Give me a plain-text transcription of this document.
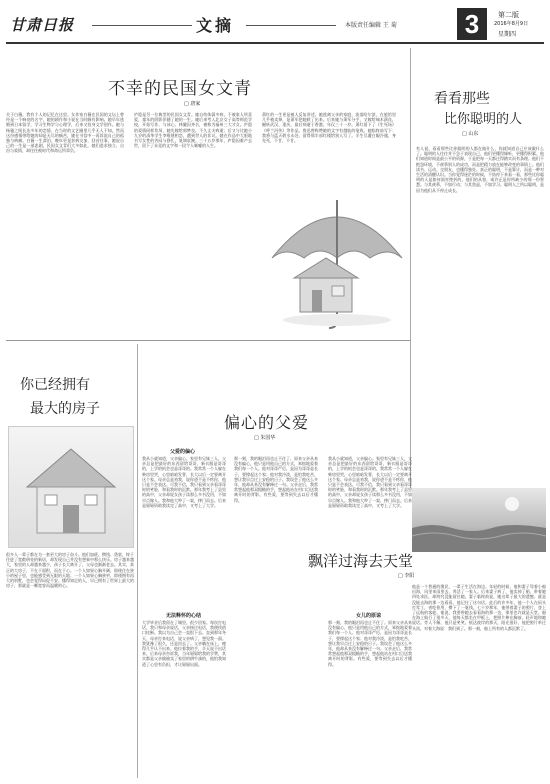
甘肃日报	文摘	本版责任编辑 王 菊	3	第二版
2016年8月9日
星期四
不幸的民国女文青
□ 唐家
关于白薇，我有个人的记忆在这里。女作家白薇在民国的文坛上曾经是一个响亮的名字，她的剧作和小说在当时颇有影响。她早年逃婚到日本留学，学习生物学与心理学，后来又投身文学创作。她与杨骚之间长达多年的恋情，在当时的文艺圈里几乎无人不知。然而这份感情带给她的却是无尽的痛苦，她在书信中一再诉说自己的孤独与病痛。白薇一生漂泊，晚年更是贫病交加，回首往事，她说自己的一生是一部悲剧。民国女文青们大多如此，她们追求独立、自由与爱情，却往往被时代和命运所辜负。
庐隐是另一位典型的民国女文青。她自幼体弱多病，不被家人所喜爱，童年的阴影伴随了她的一生。她后来考入北京女子高等师范学校，开始写作，与冰心、林徽因齐名，被称为福州三大才女。庐隐的爱情同样坎坷，她先嫁给郭梦良，不久丈夫病逝；后又与比她小九岁的清华学生李唯建相恋，遭到世人的非议。她在作品中大胆地书写女性的苦闷与挣扎，笔调哀婉。三十五岁那年，庐隐因难产去世，留下了未竟的文字和一段令人唏嘘的人生。
萧红的一生更是被人反复讲述。她逃离父亲的家庭，流落哈尔滨，在旅馆里几乎被卖掉，是萧军把她救了出来。后来她与萧军分手，又嫁给端木蕻良，辗转武汉、重庆，最后病逝于香港，年仅三十一岁。萧红留下了《生死场》《呼兰河传》等作品，鲁迅曾称赞她的文字有越轨的笔致。她临终前写下：我将与蓝天碧水永处，留得那半部红楼给别人写了。半生尽遭白眼冷遇，身先死，不甘，不甘。
看看那些
比你聪明的人
□ 山东
有人说，看看那些比你聪明的人都在做什么，你就知道自己应该做什么了。聪明的人往往并不急于表现自己，他们更懂得倾听，更懂得积累。他们知道时间是最公平的资源，于是把每一天都过得踏实而有条理。他们不抱怨环境，不羡慕别人的成功，而是把精力放在能够改变的事情上。他们读书、运动、交朋友，也懂得独处。真正的聪明，不是算计，而是一种对生活的清醒认识。当你觉得迷茫的时候，不妨停下来看一看，那些比你聪明的人是如何面对挫折的，他们的从容，或许正是你所缺少的那一份智慧。与其羡慕，不如行动；与其焦虑，不如学习。聪明人之所以聪明，是因为他们从不停止成长。
你已经拥有
最大的房子
很多人一辈子都在为一套更大的房子奋斗。他们加班、攒钱、贷款，终于住进了宽敞明亮的新居，却发现自己并没有想象中那么快乐。房子越来越大，家里的人却越来越少，孩子长大离开了，父母也渐渐老去。其实，真正的大房子，不在于面积，而在于心。一个人如果心胸开阔，即使住在狭小的屋子里，也能感受到无限的天地；一个人如果心胸狭窄，即使拥有再大的别墅，也会觉得局促不安。懂得知足的人，早已拥有了世界上最大的房子，那就是一颗宽容而温暖的心。
偏心的父爱
□ 朱国华
父爱的偏心
我从小就知道，父亲偏心。家里有兄妹三人，父亲总是把最好的东西留给哥哥，新衣服是哥哥的，上学的机会也是哥哥的。我常常一个人躲在柴房里哭，心里暗暗发誓，长大以后一定要离开这个家。母亲总是劝我，说你爸不是不疼你，他只是不会表达。可我不信，我只看到父亲看哥哥时的笑脸，和看我时的沉默。那年我考上了县里的高中，父亲却说女孩子读那么多书没用，不如早点嫁人。我和他大吵了一架，摔门而去。后来是舅舅资助我读完了高中，又考上了大学。
无法释怀的心结
大学毕业后我留在了城里，很少回家。每次打电话，我只和母亲说话，父亲接过电话，我便找借口挂断。我以为自己会一直恨下去。直到那年冬天，母亲打来电话，说父亲病了，想见我一面。我犹豫了很久，还是回去了。父亲躺在床上，瘦得几乎认不出来。他拉着我的手，半天说不出话来。后来母亲告诉我，当年舅舅给我的学费，其实都是父亲偷偷卖了家里的耕牛凑的，他怕我知道了心里有负担，才让舅舅出面。
那一刻，我的眼泪再也止不住了。原来父亲从来没有偏心，他只是用他自己的方式，笨拙地爱着我们每一个人。他对哥哥严厉，是因为哥哥是长子，要撑起这个家；他对我冷淡，是怕我吃苦，想让我早点过上安稳的日子。我误会了他这么多年，他却从来没有解释过一句。父亲走后，我常常想起他那双粗糙的手，想起他站在村口目送我离开时的背影。有些爱，要等到失去以后才懂得。
女儿的原谅
我从小就知道，父亲偏心。家里有兄妹三人，父亲总是把最好的东西留给哥哥，新衣服是哥哥的，上学的机会也是哥哥的。我常常一个人躲在柴房里哭，心里暗暗发誓，长大以后一定要离开这个家。母亲总是劝我，说你爸不是不疼你，他只是不会表达。可我不信，我只看到父亲看哥哥时的笑脸，和看我时的沉默。那年我考上了县里的高中，父亲却说女孩子读那么多书没用，不如早点嫁人。我和他大吵了一架，摔门而去。后来是舅舅资助我读完了高中，又考上了大学。
那一刻，我的眼泪再也止不住了。原来父亲从来没有偏心，他只是用他自己的方式，笨拙地爱着我们每一个人。他对哥哥严厉，是因为哥哥是长子，要撑起这个家；他对我冷淡，是怕我吃苦，想让我早点过上安稳的日子。我误会了他这么多年，他却从来没有解释过一句。父亲走后，我常常想起他那双粗糙的手，想起他站在村口目送我离开时的背影。有些爱，要等到失去以后才懂得。
飘洋过海去天堂
□ 李阳
他是一个普通的渔民，一辈子生活在海边。年轻的时候，他和妻子驾着小船出海，风里来雨里去，养活了一家人。后来妻子病了，他卖掉了船，带着她四处求医，却终究没能留住她。妻子临终前说，她这辈子最大的遗憾，就是没能去海的那一边看看。他记住了这句话。此后的许多年，他一个人在码头打零工，省吃俭用，攒下了一笔钱。七十岁那年，他带着妻子的照片，登上了远航的客轮。他说，我要带她去看看海的那一边，那里也许就是天堂。船在海上航行了很多天，他每天都坐在甲板上，把照片捧在胸前，轻声地和她说话。旁人不解，他只是笑笑。抵达彼岸的那天，阳光很好，他把照片举过头顶，对着大海说：我们到了。那一刻，船上所有的人都沉默了。
